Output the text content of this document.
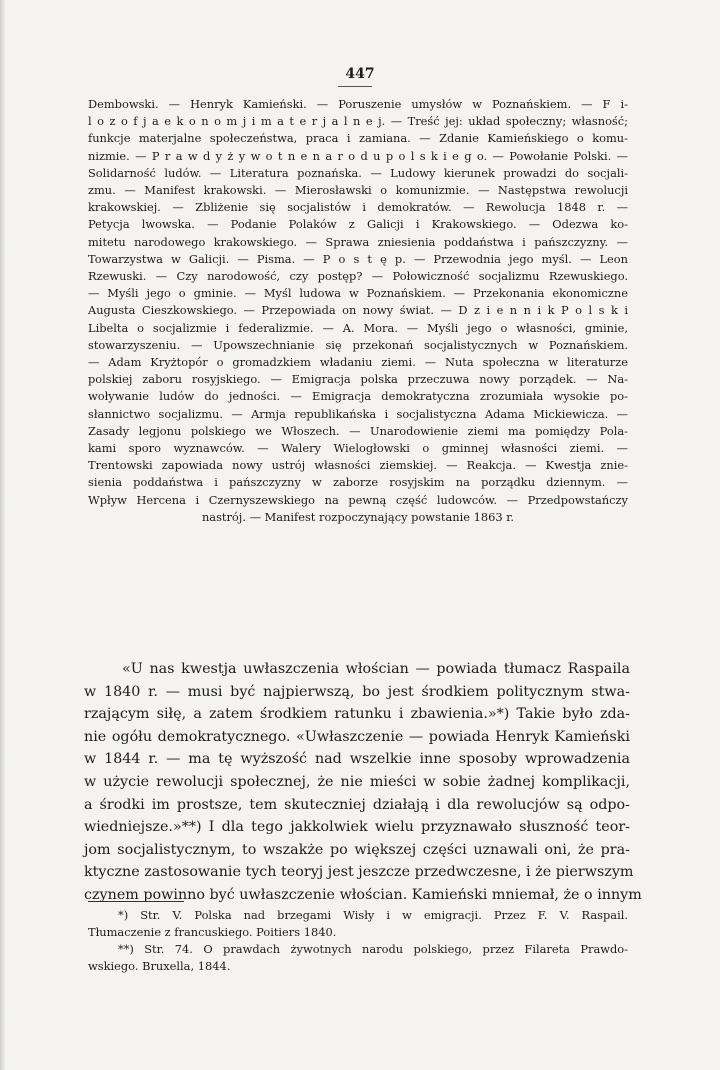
447
Dembowski. — Henryk Kamieński. — Poruszenie umysłów w Poznańskiem. — F i-
l o z o f j a e k o n o m j i m a t e r j a l n e j. — Treść jej: układ społeczny; własność;
funkcje materjalne społeczeństwa, praca i zamiana. — Zdanie Kamieńskiego o komu-
nizmie. — P r a w d y ż y w o t n e n a r o d u p o l s k i e g o. — Powołanie Polski. —
Solidarność ludów. — Literatura poznańska. — Ludowy kierunek prowadzi do socjali-
zmu. — Manifest krakowski. — Mierosławski o komunizmie. — Następstwa rewolucji
krakowskiej. — Zbliżenie się socjalistów i demokratów. — Rewolucja 1848 r. —
Petycja lwowska. — Podanie Polaków z Galicji i Krakowskiego. — Odezwa ko-
mitetu narodowego krakowskiego. — Sprawa zniesienia poddaństwa i pańszczyzny. —
Towarzystwa w Galicji. — Pisma. — P o s t ę p. — Przewodnia jego myśl. — Leon
Rzewuski. — Czy narodowość, czy postęp? — Połowiczność socjalizmu Rzewuskiego.
— Myśli jego o gminie. — Myśl ludowa w Poznańskiem. — Przekonania ekonomiczne
Augusta Cieszkowskiego. — Przepowiada on nowy świat. — D z i e n n i k P o l s k i
Libelta o socjalizmie i federalizmie. — A. Mora. — Myśli jego o własności, gminie,
stowarzyszeniu. — Upowszechnianie się przekonań socjalistycznych w Poznańskiem.
— Adam Kryżtopór o gromadzkiem władaniu ziemi. — Nuta społeczna w literaturze
polskiej zaboru rosyjskiego. — Emigracja polska przeczuwa nowy porządek. — Na-
woływanie ludów do jedności. — Emigracja demokratyczna zrozumiała wysokie po-
słannictwo socjalizmu. — Armja republikańska i socjalistyczna Adama Mickiewicza. —
Zasady legjonu polskiego we Włoszech. — Unarodowienie ziemi ma pomiędzy Pola-
kami sporo wyznawców. — Walery Wielogłowski o gminnej własności ziemi. —
Trentowski zapowiada nowy ustrój własności ziemskiej. — Reakcja. — Kwestja znie-
sienia poddaństwa i pańszczyzny w zaborze rosyjskim na porządku dziennym. —
Wpływ Hercena i Czernyszewskiego na pewną część ludowców. — Przedpowstańczy
nastrój. — Manifest rozpoczynający powstanie 1863 r.
«U nas kwestja uwłaszczenia włościan — powiada tłumacz Raspaila
w 1840 r. — musi być najpierwszą, bo jest środkiem politycznym stwa-
rzającym siłę, a zatem środkiem ratunku i zbawienia.»*) Takie było zda-
nie ogółu demokratycznego. «Uwłaszczenie — powiada Henryk Kamieński
w 1844 r. — ma tę wyższość nad wszelkie inne sposoby wprowadzenia
w użycie rewolucji społecznej, że nie mieści w sobie żadnej komplikacji,
a środki im prostsze, tem skuteczniej działają i dla rewolucjów są odpo-
wiedniejsze.»**) I dla tego jakkolwiek wielu przyznawało słuszność teor-
jom socjalistycznym, to wszakże po większej części uznawali oni, że pra-
ktyczne zastosowanie tych teoryj jest jeszcze przedwczesne, i że pierwszym
czynem powinno być uwłaszczenie włościan. Kamieński mniemał, że o innym
*) Str. V. Polska nad brzegami Wisły i w emigracji. Przez F. V. Raspail.
Tłumaczenie z francuskiego. Poitiers 1840.
**) Str. 74. O prawdach żywotnych narodu polskiego, przez Filareta Prawdo-
wskiego. Bruxella, 1844.
